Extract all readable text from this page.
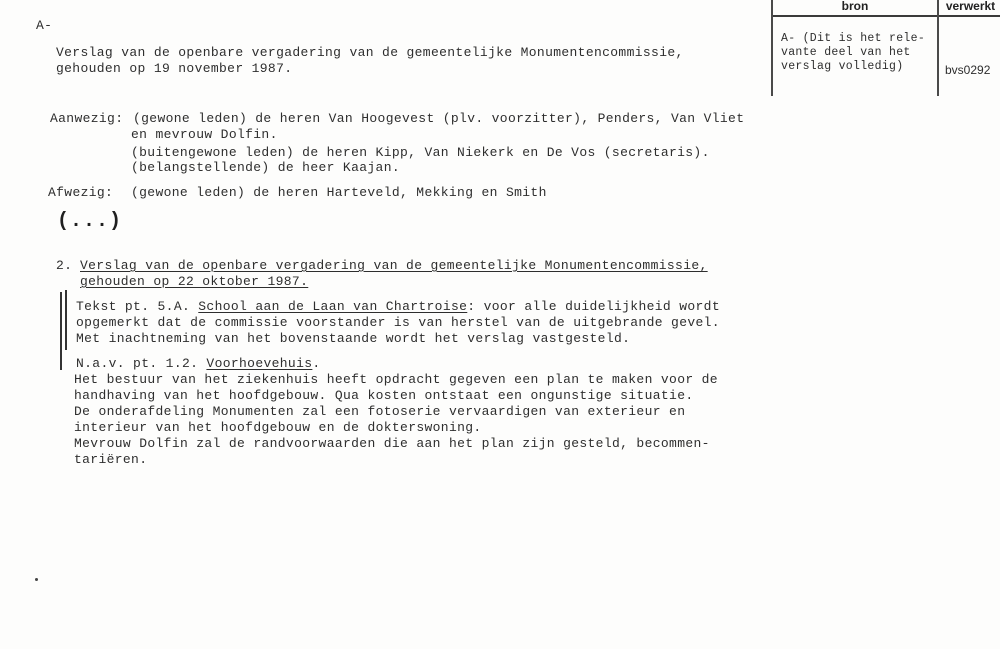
A-
Verslag van de openbare vergadering van de gemeentelijke Monumentencommissie,
gehouden op 19 november 1987.
Aanwezig: (gewone leden) de heren Van Hoogevest (plv. voorzitter), Penders, Van Vliet
en mevrouw Dolfin.
(buitengewone leden) de heren Kipp, Van Niekerk en De Vos (secretaris).
(belangstellende) de heer Kaajan.
Afwezig: (gewone leden) de heren Harteveld, Mekking en Smith
(...)
2. Verslag van de openbare vergadering van de gemeentelijke Monumentencommissie,
gehouden op 22 oktober 1987.
Tekst pt. 5.A. School aan de Laan van Chartroise: voor alle duidelijkheid wordt
opgemerkt dat de commissie voorstander is van herstel van de uitgebrande gevel.
Met inachtneming van het bovenstaande wordt het verslag vastgesteld.
N.a.v. pt. 1.2. Voorhoevehuis.
Het bestuur van het ziekenhuis heeft opdracht gegeven een plan te maken voor de
handhaving van het hoofdgebouw. Qua kosten ontstaat een ongunstige situatie.
De onderafdeling Monumenten zal een fotoserie vervaardigen van exterieur en
interieur van het hoofdgebouw en de dokterswoning.
Mevrouw Dolfin zal de randvoorwaarden die aan het plan zijn gesteld, becommen-
tariëren.
bron	verwerkt
A- (Dit is het rele-
vante deel van het
verslag volledig)	bvs0292
